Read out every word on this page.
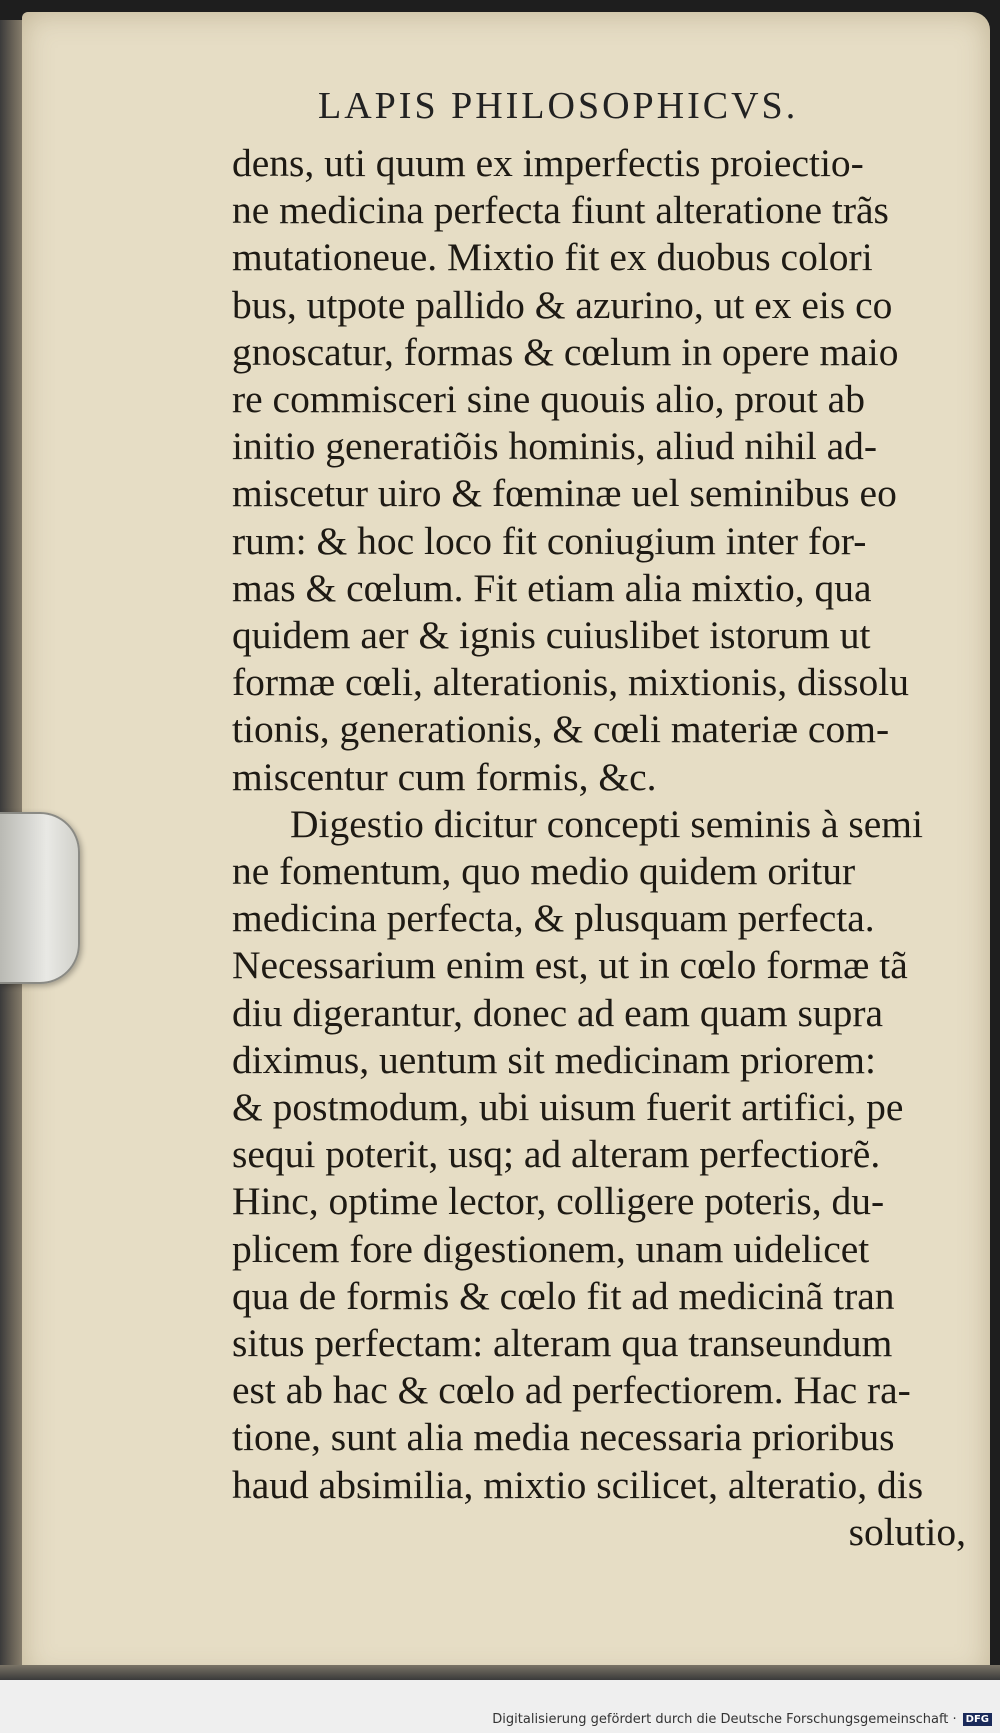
LAPIS PHILOSOPHICVS.
dens, uti quum ex imperfectis proiectio-
ne medicina perfecta fiunt alteratione trãs
mutationeue. Mixtio fit ex duobus colori
bus, utpote pallido & azurino, ut ex eis co
gnoscatur, formas & cœlum in opere maio
re commisceri sine quouis alio, prout ab
initio generatiõis hominis, aliud nihil ad-
miscetur uiro & fœminæ uel seminibus eo
rum: & hoc loco fit coniugium inter for-
mas & cœlum. Fit etiam alia mixtio, qua
quidem aer & ignis cuiuslibet istorum ut
formæ cœli, alterationis, mixtionis, dissolu
tionis, generationis, & cœli materiæ com-
miscentur cum formis, &c.
Digestio dicitur concepti seminis à semi
ne fomentum, quo medio quidem oritur
medicina perfecta, & plusquam perfecta.
Necessarium enim est, ut in cœlo formæ tã
diu digerantur, donec ad eam quam supra
diximus, uentum sit medicinam priorem:
& postmodum, ubi uisum fuerit artifici, pe
sequi poterit, usq; ad alteram perfectiorẽ.
Hinc, optime lector, colligere poteris, du-
plicem fore digestionem, unam uidelicet
qua de formis & cœlo fit ad medicinã tran
situs perfectam: alteram qua transeundum
est ab hac & cœlo ad perfectiorem. Hac ra-
tione, sunt alia media necessaria prioribus
haud absimilia, mixtio scilicet, alteratio, dis
solutio,
Digitalisierung gefördert durch die Deutsche Forschungsgemeinschaft · DFG
